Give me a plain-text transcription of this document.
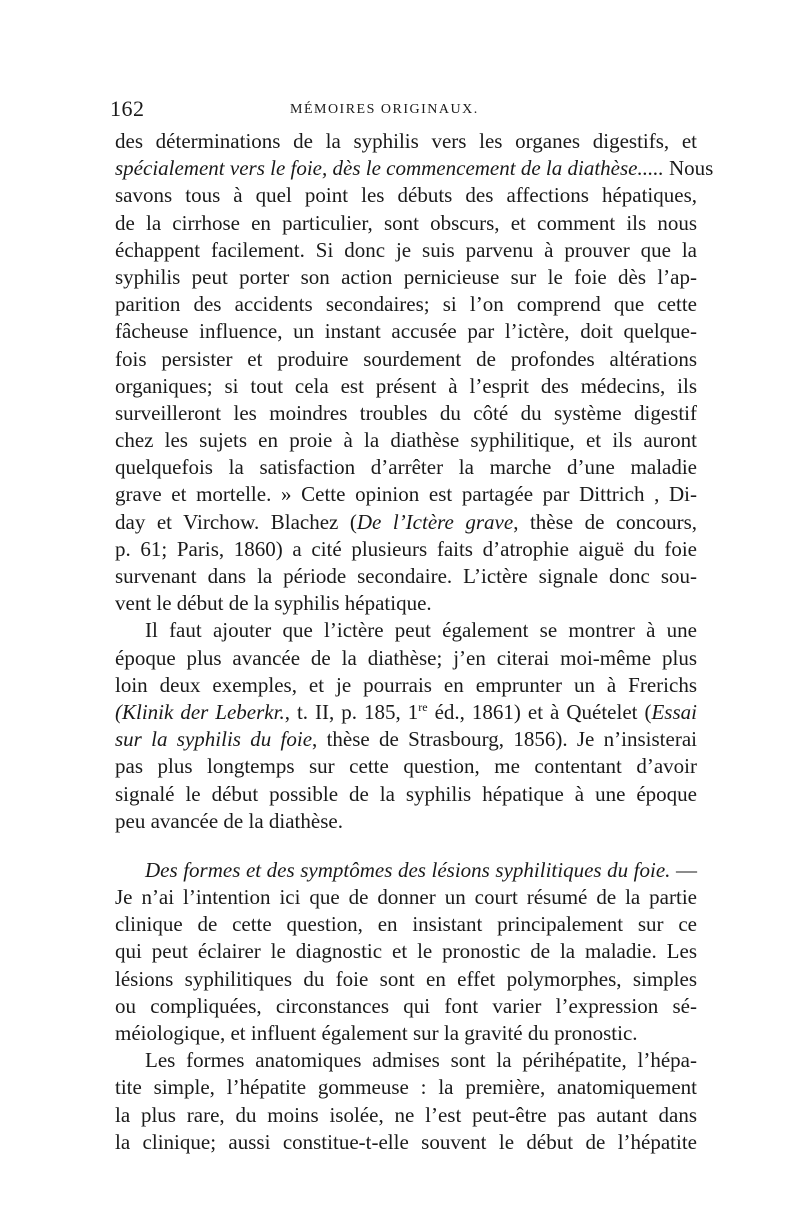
162	MÉMOIRES ORIGINAUX.
des déterminations de la syphilis vers les organes digestifs, et
spécialement vers le foie, dès le commencement de la diathèse..... Nous
savons tous à quel point les débuts des affections hépatiques,
de la cirrhose en particulier, sont obscurs, et comment ils nous
échappent facilement. Si donc je suis parvenu à prouver que la
syphilis peut porter son action pernicieuse sur le foie dès l’ap-
parition des accidents secondaires; si l’on comprend que cette
fâcheuse influence, un instant accusée par l’ictère, doit quelque-
fois persister et produire sourdement de profondes altérations
organiques; si tout cela est présent à l’esprit des médecins, ils
surveilleront les moindres troubles du côté du système digestif
chez les sujets en proie à la diathèse syphilitique, et ils auront
quelquefois la satisfaction d’arrêter la marche d’une maladie
grave et mortelle. » Cette opinion est partagée par Dittrich , Di-
day et Virchow. Blachez (De l’Ictère grave, thèse de concours,
p. 61; Paris, 1860) a cité plusieurs faits d’atrophie aiguë du foie
survenant dans la période secondaire. L’ictère signale donc sou-
vent le début de la syphilis hépatique.
Il faut ajouter que l’ictère peut également se montrer à une
époque plus avancée de la diathèse; j’en citerai moi-même plus
loin deux exemples, et je pourrais en emprunter un à Frerichs
(Klinik der Leberkr., t. II, p. 185, 1re éd., 1861) et à Quételet (Essai
sur la syphilis du foie, thèse de Strasbourg, 1856). Je n’insisterai
pas plus longtemps sur cette question, me contentant d’avoir
signalé le début possible de la syphilis hépatique à une époque
peu avancée de la diathèse.
Des formes et des symptômes des lésions syphilitiques du foie. —
Je n’ai l’intention ici que de donner un court résumé de la partie
clinique de cette question, en insistant principalement sur ce
qui peut éclairer le diagnostic et le pronostic de la maladie. Les
lésions syphilitiques du foie sont en effet polymorphes, simples
ou compliquées, circonstances qui font varier l’expression sé-
méiologique, et influent également sur la gravité du pronostic.
Les formes anatomiques admises sont la périhépatite, l’hépa-
tite simple, l’hépatite gommeuse : la première, anatomiquement
la plus rare, du moins isolée, ne l’est peut-être pas autant dans
la clinique; aussi constitue-t-elle souvent le début de l’hépatite
